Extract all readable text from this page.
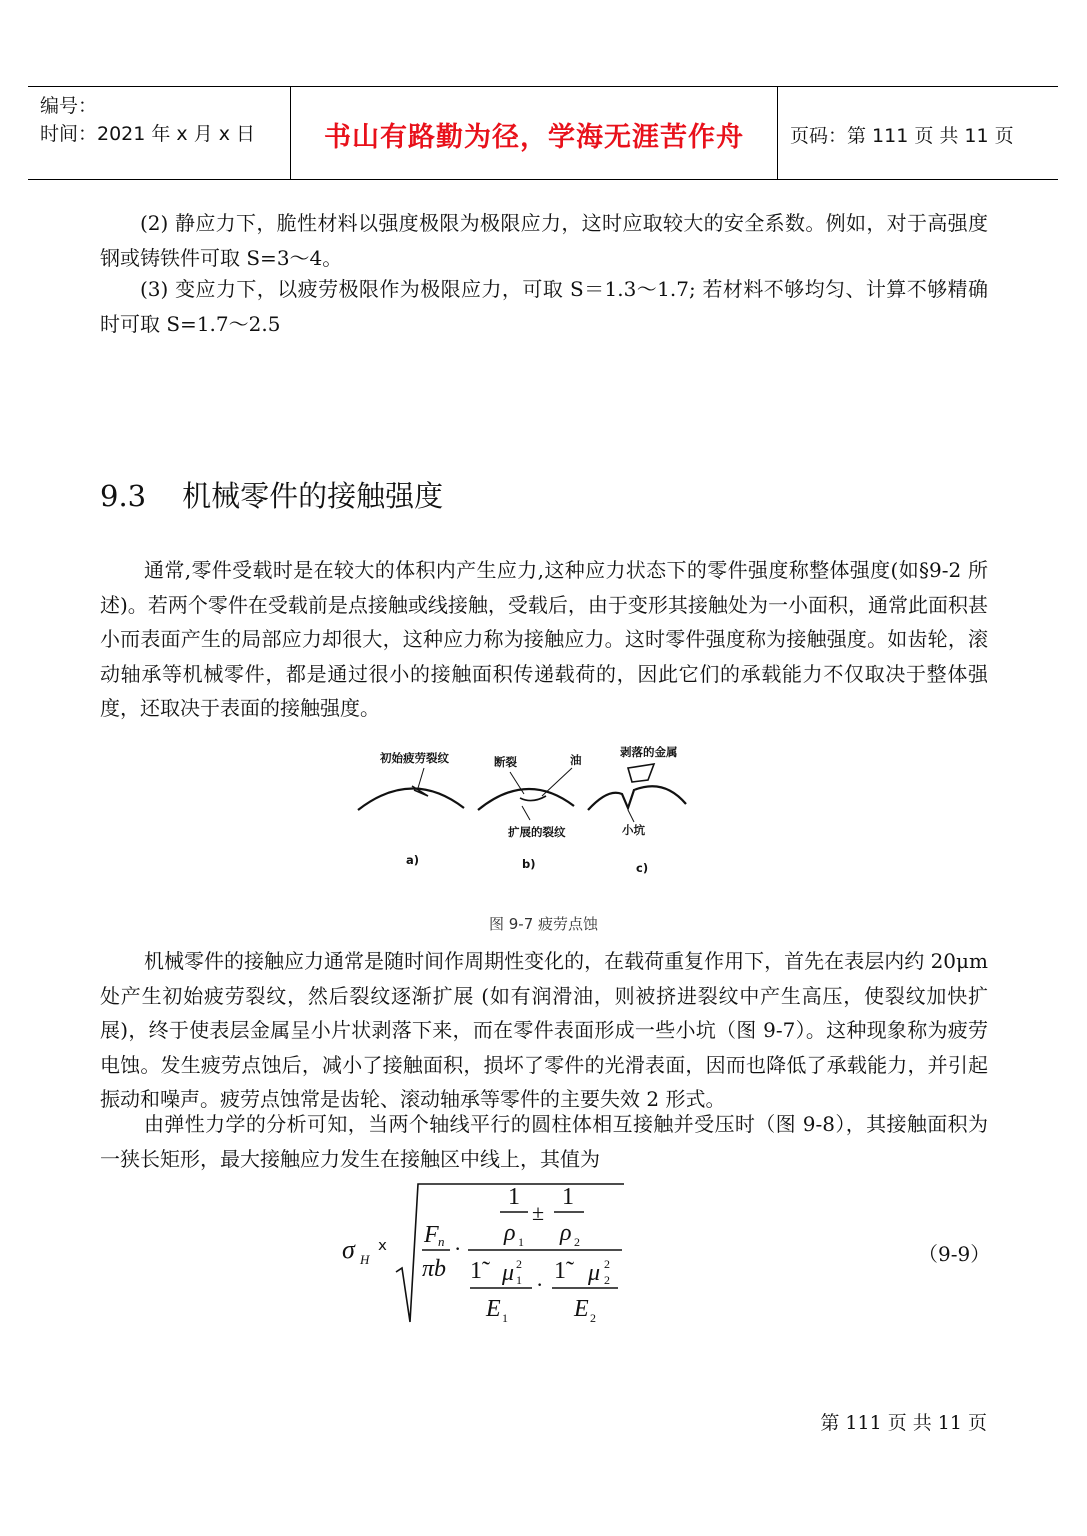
编号：
时间：2021 年 x 月 x 日	书山有路勤为径，学海无涯苦作舟	页码：第 111 页 共 11 页

(2) 静应力下，脆性材料以强度极限为极限应力，这时应取较大的安全系数。例如，对于高强度钢或铸铁件可取 S=3～4。

(3) 变应力下，以疲劳极限作为极限应力，可取 S＝1.3～1.7; 若材料不够均匀、计算不够精确时可取 S=1.7～2.5

9.3 机械零件的接触强度

通常,零件受载时是在较大的体积内产生应力,这种应力状态下的零件强度称整体强度(如§9-2 所述)。若两个零件在受载前是点接触或线接触，受载后，由于变形其接触处为一小面积，通常此面积甚小而表面产生的局部应力却很大，这种应力称为接触应力。这时零件强度称为接触强度。如齿轮，滚动轴承等机械零件，都是通过很小的接触面积传递载荷的，因此它们的承载能力不仅取决于整体强度，还取决于表面的接触强度。

初始疲劳裂纹	断裂	油
剥落的金属
扩展的裂纹	小坑
a)	b)	c)
图 9-7 疲劳点蚀

机械零件的接触应力通常是随时间作周期性变化的，在载荷重复作用下，首先在表层内约 20μm 处产生初始疲劳裂纹，然后裂纹逐渐扩展 (如有润滑油，则被挤进裂纹中产生高压，使裂纹加快扩展)，终于使表层金属呈小片状剥落下来，而在零件表面形成一些小坑（图 9-7）。这种现象称为疲劳电蚀。发生疲劳点蚀后，减小了接触面积，损坏了零件的光滑表面，因而也降低了承载能力，并引起振动和噪声。疲劳点蚀常是齿轮、滚动轴承等零件的主要失效 2 形式。

由弹性力学的分析可知，当两个轴线平行的圆柱体相互接触并受压时（图 9-8），其接触面积为一狭长矩形，最大接触应力发生在接触区中线上，其值为

σ H
ⅹ F n
πb
·
1
±
1
ρ 1 ρ 2
1̃ μ 2
1 ·
1̃ μ 2
2
E 1	E 2
（9-9）
第 111 页 共 11 页
